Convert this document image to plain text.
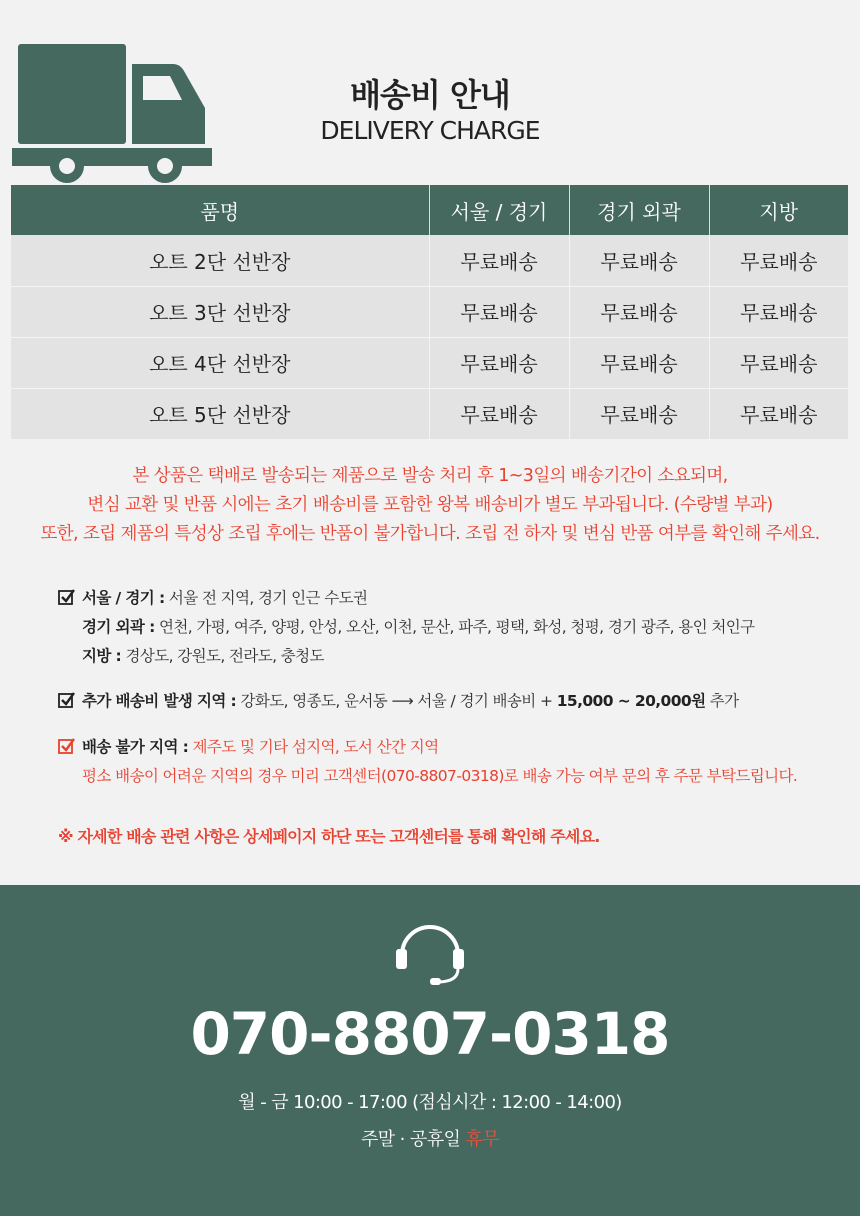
배송비 안내
DELIVERY CHARGE
품명	서울 / 경기	경기 외곽	지방
오트 2단 선반장	무료배송	무료배송	무료배송
오트 3단 선반장	무료배송	무료배송	무료배송
오트 4단 선반장	무료배송	무료배송	무료배송
오트 5단 선반장	무료배송	무료배송	무료배송
본 상품은 택배로 발송되는 제품으로 발송 처리 후 1~3일의 배송기간이 소요되며,
변심 교환 및 반품 시에는 초기 배송비를 포함한 왕복 배송비가 별도 부과됩니다. (수량별 부과)
또한, 조립 제품의 특성상 조립 후에는 반품이 불가합니다. 조립 전 하자 및 변심 반품 여부를 확인해 주세요.
서울 / 경기 : 서울 전 지역, 경기 인근 수도권
경기 외곽 : 연천, 가평, 여주, 양평, 안성, 오산, 이천, 문산, 파주, 평택, 화성, 청평, 경기 광주, 용인 처인구
지방 : 경상도, 강원도, 전라도, 충청도
추가 배송비 발생 지역 : 강화도, 영종도, 운서동 ⟶ 서울 / 경기 배송비 + 15,000 ~ 20,000원 추가
배송 불가 지역 : 제주도 및 기타 섬지역, 도서 산간 지역
평소 배송이 어려운 지역의 경우 미리 고객센터(070-8807-0318)로 배송 가능 여부 문의 후 주문 부탁드립니다.
※ 자세한 배송 관련 사항은 상세페이지 하단 또는 고객센터를 통해 확인해 주세요.
070-8807-0318
월 - 금 10:00 - 17:00 (점심시간 : 12:00 - 14:00)
주말 · 공휴일 휴무
